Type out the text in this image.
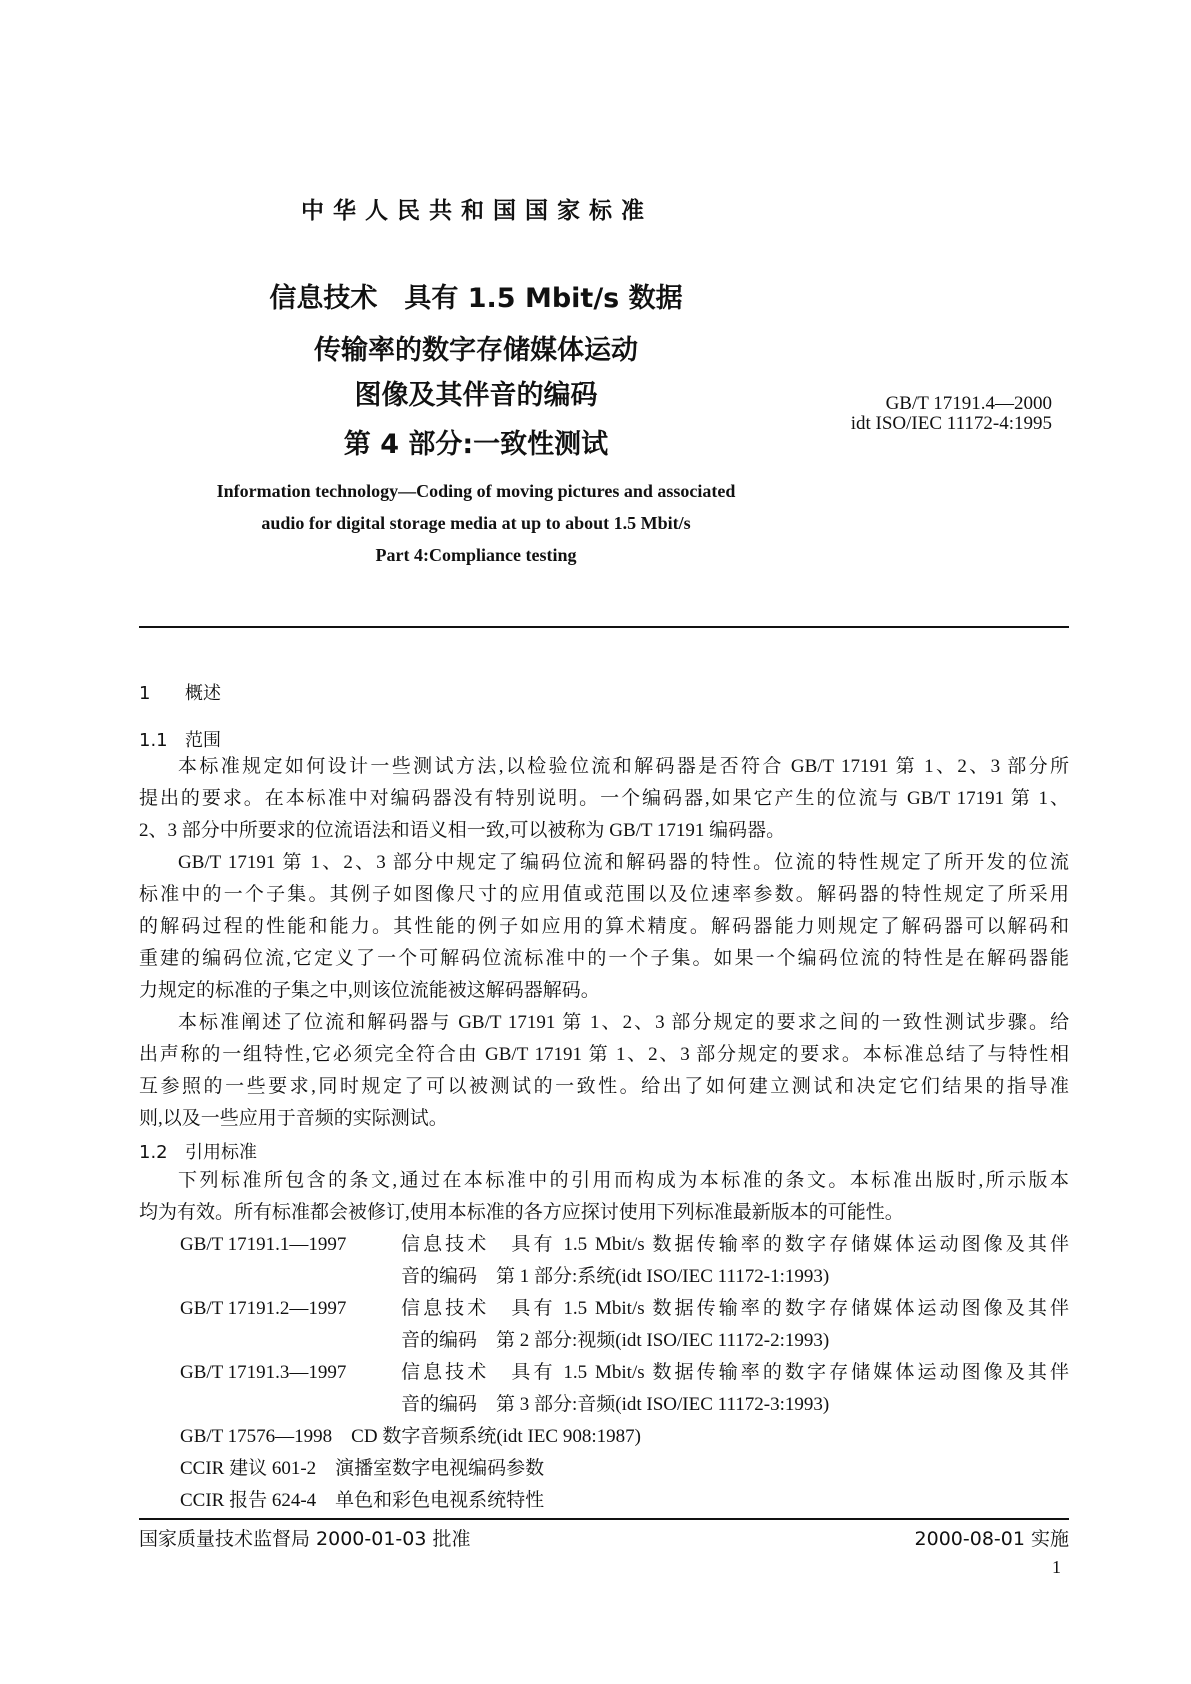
中华人民共和国国家标准
信息技术　具有 1.5 Mbit/s 数据
传输率的数字存储媒体运动
图像及其伴音的编码
第 4 部分:一致性测试
GB/T 17191.4—2000
idt ISO/IEC 11172-4:1995
Information technology—Coding of moving pictures and associated
audio for digital storage media at up to about 1.5 Mbit/s
Part 4:Compliance testing
1 概述
1.1 范围
本标准规定如何设计一些测试方法,以检验位流和解码器是否符合 GB/T 17191 第 1、2、3 部分所
提出的要求。在本标准中对编码器没有特别说明。一个编码器,如果它产生的位流与 GB/T 17191 第 1、
2、3 部分中所要求的位流语法和语义相一致,可以被称为 GB/T 17191 编码器。
GB/T 17191 第 1、2、3 部分中规定了编码位流和解码器的特性。位流的特性规定了所开发的位流
标准中的一个子集。其例子如图像尺寸的应用值或范围以及位速率参数。解码器的特性规定了所采用
的解码过程的性能和能力。其性能的例子如应用的算术精度。解码器能力则规定了解码器可以解码和
重建的编码位流,它定义了一个可解码位流标准中的一个子集。如果一个编码位流的特性是在解码器能
力规定的标准的子集之中,则该位流能被这解码器解码。
本标准阐述了位流和解码器与 GB/T 17191 第 1、2、3 部分规定的要求之间的一致性测试步骤。给
出声称的一组特性,它必须完全符合由 GB/T 17191 第 1、2、3 部分规定的要求。本标准总结了与特性相
互参照的一些要求,同时规定了可以被测试的一致性。给出了如何建立测试和决定它们结果的指导准
则,以及一些应用于音频的实际测试。
1.2 引用标准
下列标准所包含的条文,通过在本标准中的引用而构成为本标准的条文。本标准出版时,所示版本
均为有效。所有标准都会被修订,使用本标准的各方应探讨使用下列标准最新版本的可能性。
GB/T 17191.1—1997	信息技术　具有 1.5 Mbit/s 数据传输率的数字存储媒体运动图像及其伴
音的编码　第 1 部分:系统(idt ISO/IEC 11172-1:1993)
GB/T 17191.2—1997	信息技术　具有 1.5 Mbit/s 数据传输率的数字存储媒体运动图像及其伴
音的编码　第 2 部分:视频(idt ISO/IEC 11172-2:1993)
GB/T 17191.3—1997	信息技术　具有 1.5 Mbit/s 数据传输率的数字存储媒体运动图像及其伴
音的编码　第 3 部分:音频(idt ISO/IEC 11172-3:1993)
GB/T 17576—1998　CD 数字音频系统(idt IEC 908:1987)
CCIR 建议 601-2　演播室数字电视编码参数
CCIR 报告 624-4　单色和彩色电视系统特性
国家质量技术监督局 2000-01-03 批准	2000-08-01 实施
1
